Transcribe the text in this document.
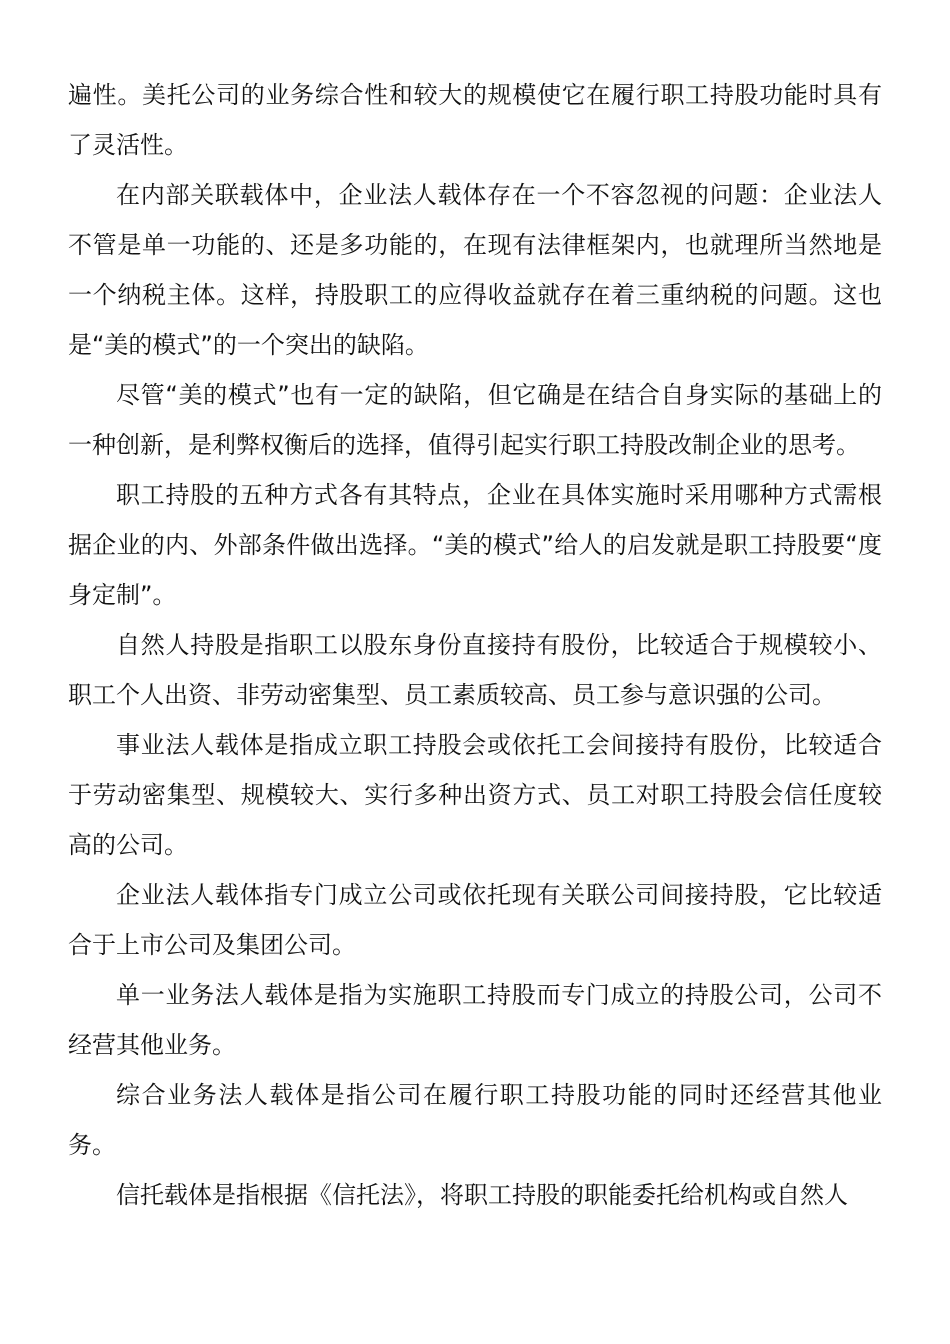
遍性。美托公司的业务综合性和较大的规模使它在履行职工持股功能时具有了灵活性。

在内部关联载体中，企业法人载体存在一个不容忽视的问题：企业法人不管是单一功能的、还是多功能的，在现有法律框架内，也就理所当然地是一个纳税主体。这样，持股职工的应得收益就存在着三重纳税的问题。这也是“美的模式”的一个突出的缺陷。

尽管“美的模式”也有一定的缺陷，但它确是在结合自身实际的基础上的一种创新，是利弊权衡后的选择，值得引起实行职工持股改制企业的思考。

职工持股的五种方式各有其特点，企业在具体实施时采用哪种方式需根据企业的内、外部条件做出选择。“美的模式”给人的启发就是职工持股要“度身定制”。

自然人持股是指职工以股东身份直接持有股份，比较适合于规模较小、职工个人出资、非劳动密集型、员工素质较高、员工参与意识强的公司。

事业法人载体是指成立职工持股会或依托工会间接持有股份，比较适合于劳动密集型、规模较大、实行多种出资方式、员工对职工持股会信任度较高的公司。

企业法人载体指专门成立公司或依托现有关联公司间接持股，它比较适合于上市公司及集团公司。

单一业务法人载体是指为实施职工持股而专门成立的持股公司，公司不经营其他业务。

综合业务法人载体是指公司在履行职工持股功能的同时还经营其他业务。

信托载体是指根据《信托法》，将职工持股的职能委托给机构或自然人
